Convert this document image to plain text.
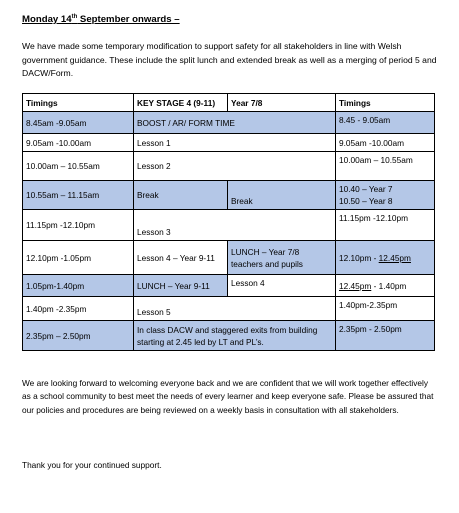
Monday 14th September onwards –
We have made some temporary modification to support safety for all stakeholders in line with Welsh government guidance. These include the split lunch and extended break as well as a merging of period 5 and DACW/Form.
Timings	KEY STAGE 4 (9-11)	Year 7/8	Timings
8.45am -9.05am	BOOST / AR/ FORM TIME		8.45 - 9.05am
9.05am -10.00am	Lesson 1		9.05am -10.00am
10.00am – 10.55am	Lesson 2		10.00am – 10.55am
10.55am – 11.15am	Break	Break	10.40 – Year 7
10.50 – Year 8

11.15pm -12.10pm	Lesson 3		11.15pm -12.10pm
12.10pm -1.05pm	Lesson 4 – Year 9-11	LUNCH – Year 7/8 teachers and pupils	12.10pm - 12.45pm
1.05pm-1.40pm	LUNCH – Year 9-11	Lesson 4	12.45pm - 1.40pm
1.40pm -2.35pm	Lesson 5		1.40pm-2.35pm
2.35pm – 2.50pm	In class DACW and staggered exits from building starting at 2.45 led by LT and PL’s.		2.35pm - 2.50pm
We are looking forward to welcoming everyone back and we are confident that we will work together effectively as a school community to best meet the needs of every learner and keep everyone safe. Please be assured that our policies and procedures are being reviewed on a weekly basis in consultation with all stakeholders.
Thank you for your continued support.
